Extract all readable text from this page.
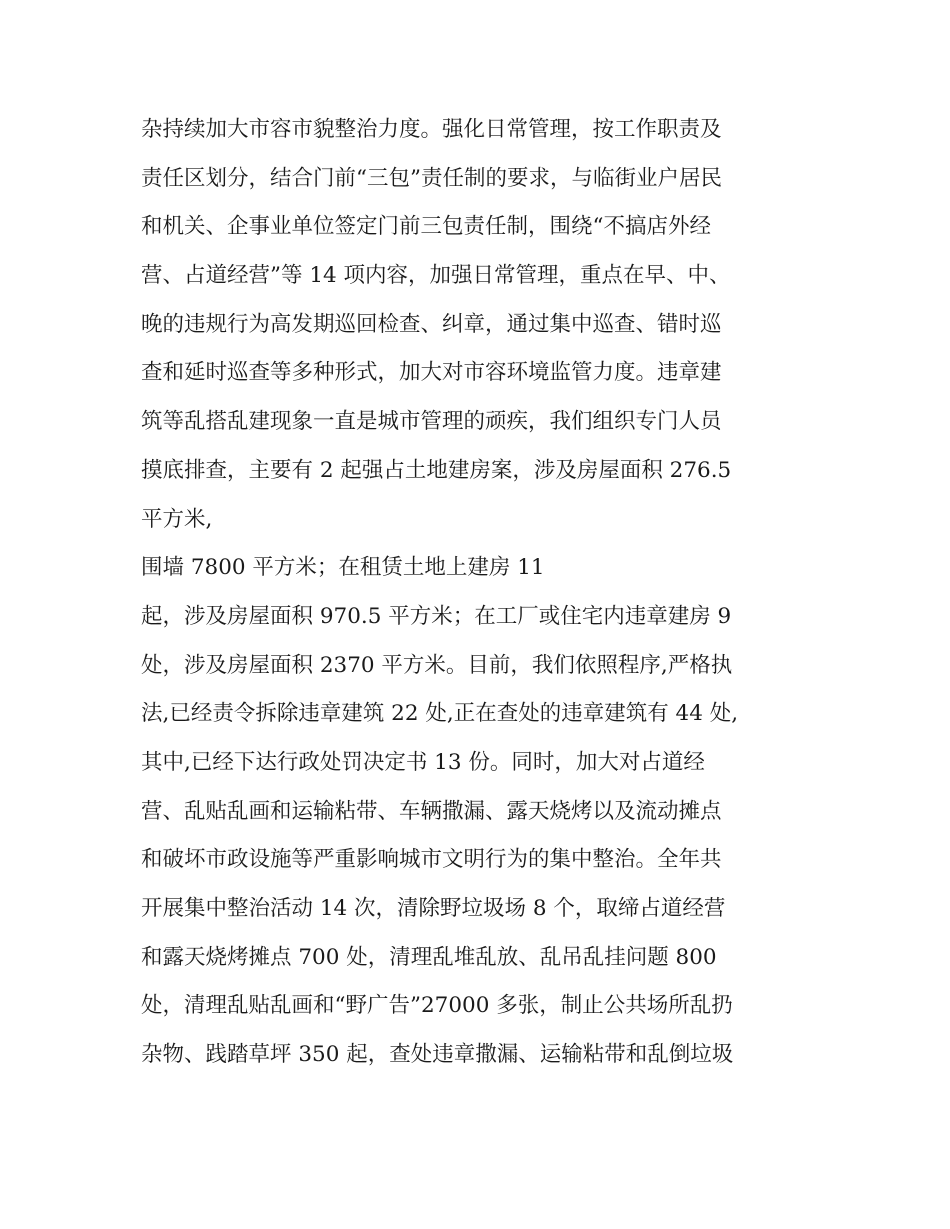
杂持续加大市容市貌整治力度。强化日常管理，按工作职责及
责任区划分，结合门前“三包”责任制的要求，与临街业户居民
和机关、企事业单位签定门前三包责任制，围绕“不搞店外经
营、占道经营”等 14 项内容，加强日常管理，重点在早、中、
晚的违规行为高发期巡回检查、纠章，通过集中巡查、错时巡
查和延时巡查等多种形式，加大对市容环境监管力度。违章建
筑等乱搭乱建现象一直是城市管理的顽疾，我们组织专门人员
摸底排查，主要有 2 起强占土地建房案，涉及房屋面积 276.5
平方米,
围墙 7800 平方米；在租赁土地上建房 11
起，涉及房屋面积 970.5 平方米；在工厂或住宅内违章建房 9
处，涉及房屋面积 2370 平方米。目前，我们依照程序,严格执
法,已经责令拆除违章建筑 22 处,正在查处的违章建筑有 44 处,
其中,已经下达行政处罚决定书 13 份。同时，加大对占道经
营、乱贴乱画和运输粘带、车辆撒漏、露天烧烤以及流动摊点
和破坏市政设施等严重影响城市文明行为的集中整治。全年共
开展集中整治活动 14 次，清除野垃圾场 8 个，取缔占道经营
和露天烧烤摊点 700 处，清理乱堆乱放、乱吊乱挂问题 800
处，清理乱贴乱画和“野广告”27000 多张，制止公共场所乱扔
杂物、践踏草坪 350 起，查处违章撒漏、运输粘带和乱倒垃圾
